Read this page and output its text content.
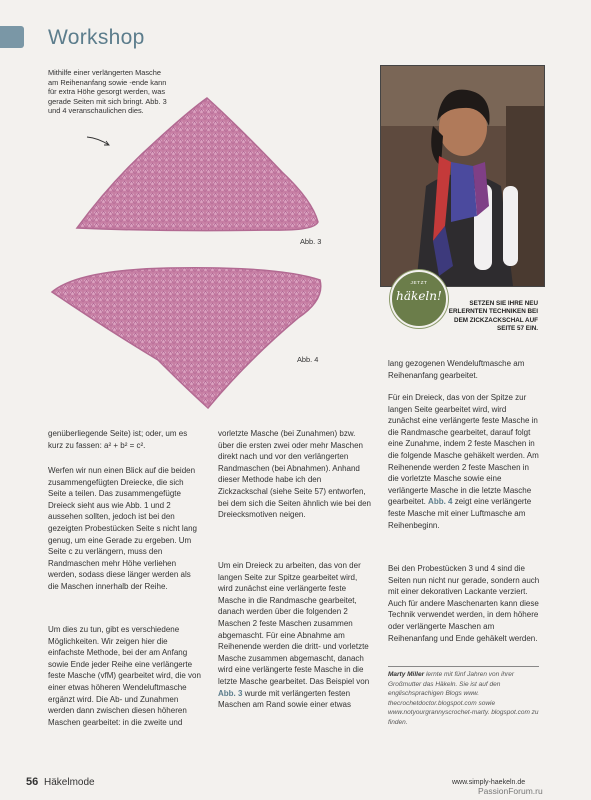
Workshop
Mithilfe einer verlängerten Masche am Reihenanfang sowie -ende kann für extra Höhe gesorgt werden, was gerade Seiten mit sich bringt. Abb. 3 und 4 veranschaulichen dies.
Abb. 3
Abb. 4
JETZT
häkeln!
SETZEN SIE IHRE NEU ERLERNTEN TECHNIKEN BEI DEM ZICKZACKSCHAL AUF SEITE 57 EIN.

genüberliegende Seite) ist; oder, um es kurz zu fassen: a² + b² = c².

Werfen wir nun einen Blick auf die beiden zusammengefügten Dreiecke, die sich Seite a teilen. Das zusammengefügte Dreieck sieht aus wie Abb. 1 und 2 aussehen sollten, jedoch ist bei den gezeigten Probestücken Seite s nicht lang genug, um eine Gerade zu ergeben. Um Seite c zu verlängern, muss den Randmaschen mehr Höhe verliehen werden, sodass diese länger werden als die Maschen innerhalb der Reihe.

Um dies zu tun, gibt es verschiedene Möglichkeiten. Wir zeigen hier die einfachste Methode, bei der am Anfang sowie Ende jeder Reihe eine verlängerte feste Masche (vfM) gearbeitet wird, die von einer etwas höheren Wendeluftmasche ergänzt wird. Die Ab- und Zunahmen werden dann zwischen diesen höheren Maschen gearbeitet: in die zweite und

vorletzte Masche (bei Zunahmen) bzw. über die ersten zwei oder mehr Maschen direkt nach und vor den verlängerten Randmaschen (bei Abnahmen). Anhand dieser Methode habe ich den Zickzackschal (siehe Seite 57) entworfen, bei dem sich die Seiten ähnlich wie bei den Dreiecksmotiven neigen.

Um ein Dreieck zu arbeiten, das von der langen Seite zur Spitze gearbeitet wird, wird zunächst eine verlängerte feste Masche in die Randmasche gearbeitet, danach werden über die folgenden 2 Maschen 2 feste Maschen zusammen abgemascht. Für eine Abnahme am Reihenende werden die dritt- und vorletzte Masche zusammen abgemascht, danach wird eine verlängerte feste Masche in die letzte Masche gearbeitet. Das Beispiel von Abb. 3 wurde mit verlängerten festen Maschen am Rand sowie einer etwas

lang gezogenen Wendeluftmasche am Reihenanfang gearbeitet.

Für ein Dreieck, das von der Spitze zur langen Seite gearbeitet wird, wird zunächst eine verlängerte feste Masche in die Randmasche gearbeitet, darauf folgt eine Zunahme, indem 2 feste Maschen in die folgende Masche gehäkelt werden. Am Reihenende werden 2 feste Maschen in die vorletzte Masche sowie eine verlängerte Masche in die letzte Masche gearbeitet. Abb. 4 zeigt eine verlängerte feste Masche mit einer Luftmasche am Reihenbeginn.

Bei den Probestücken 3 und 4 sind die Seiten nun nicht nur gerade, sondern auch mit einer dekorativen Lackante verziert. Auch für andere Maschenarten kann diese Technik verwendet werden, in dem höhere oder verlängerte Maschen am Reihenanfang und Ende gehäkelt werden.

Marty Miller lernte mit fünf Jahren von ihrer Großmutter das Häkeln. Sie ist auf den englischsprachigen Blogs www. thecrochetdoctor.blogspot.com sowie www.notyourgrannyscrochet-marty. blogspot.com zu finden.
56 Häkelmode	www.simply-haekeln.de
PassionForum.ru
